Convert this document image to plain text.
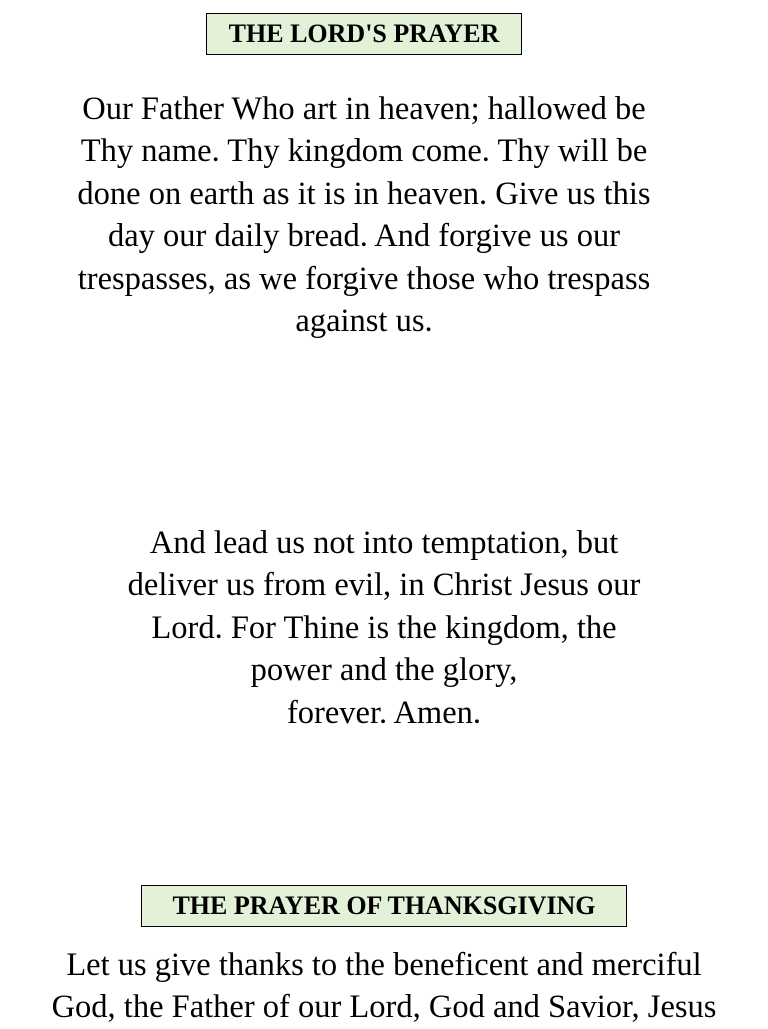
THE LORD'S PRAYER
Our Father Who art in heaven; hallowed be
Thy name. Thy kingdom come. Thy will be
done on earth as it is in heaven. Give us this
day our daily bread. And forgive us our
trespasses, as we forgive those who trespass
against us.
And lead us not into temptation, but
deliver us from evil, in Christ Jesus our
Lord. For Thine is the kingdom, the
power and the glory,
forever. Amen.
THE PRAYER OF THANKSGIVING
Let us give thanks to the beneficent and merciful
God, the Father of our Lord, God and Savior, Jesus
